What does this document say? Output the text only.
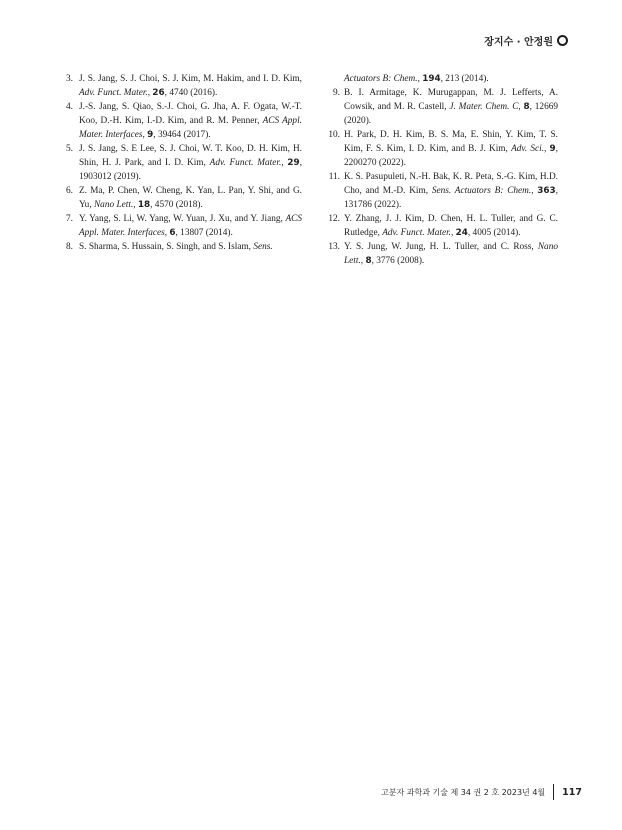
장지수 · 안정원
3. J. S. Jang, S. J. Choi, S. J. Kim, M. Hakim, and I. D. Kim, Adv. Funct. Mater., 26, 4740 (2016).
4. J.-S. Jang, S. Qiao, S.-J. Choi, G. Jha, A. F. Ogata, W.-T. Koo, D.-H. Kim, I.-D. Kim, and R. M. Penner, ACS Appl. Mater. Interfaces, 9, 39464 (2017).
5. J. S. Jang, S. E Lee, S. J. Choi, W. T. Koo, D. H. Kim, H. Shin, H. J. Park, and I. D. Kim, Adv. Funct. Mater., 29, 1903012 (2019).
6. Z. Ma, P. Chen, W. Cheng, K. Yan, L. Pan, Y. Shi, and G. Yu, Nano Lett., 18, 4570 (2018).
7. Y. Yang, S. Li, W. Yang, W. Yuan, J. Xu, and Y. Jiang, ACS Appl. Mater. Interfaces, 6, 13807 (2014).
8. S. Sharma, S. Hussain, S. Singh, and S. Islam, Sens.
Actuators B: Chem., 194, 213 (2014).
9. B. I. Armitage, K. Murugappan, M. J. Lefferts, A. Cowsik, and M. R. Castell, J. Mater. Chem. C, 8, 12669 (2020).
10. H. Park, D. H. Kim, B. S. Ma, E. Shin, Y. Kim, T. S. Kim, F. S. Kim, I. D. Kim, and B. J. Kim, Adv. Sci., 9, 2200270 (2022).
11. K. S. Pasupuleti, N.-H. Bak, K. R. Peta, S.-G. Kim, H.D. Cho, and M.-D. Kim, Sens. Actuators B: Chem., 363, 131786 (2022).
12. Y. Zhang, J. J. Kim, D. Chen, H. L. Tuller, and G. C. Rutledge, Adv. Funct. Mater., 24, 4005 (2014).
13. Y. S. Jung, W. Jung, H. L. Tuller, and C. Ross, Nano Lett., 8, 3776 (2008).
고분자 과학과 기술 제 34 권 2 호 2023년 4월 117
